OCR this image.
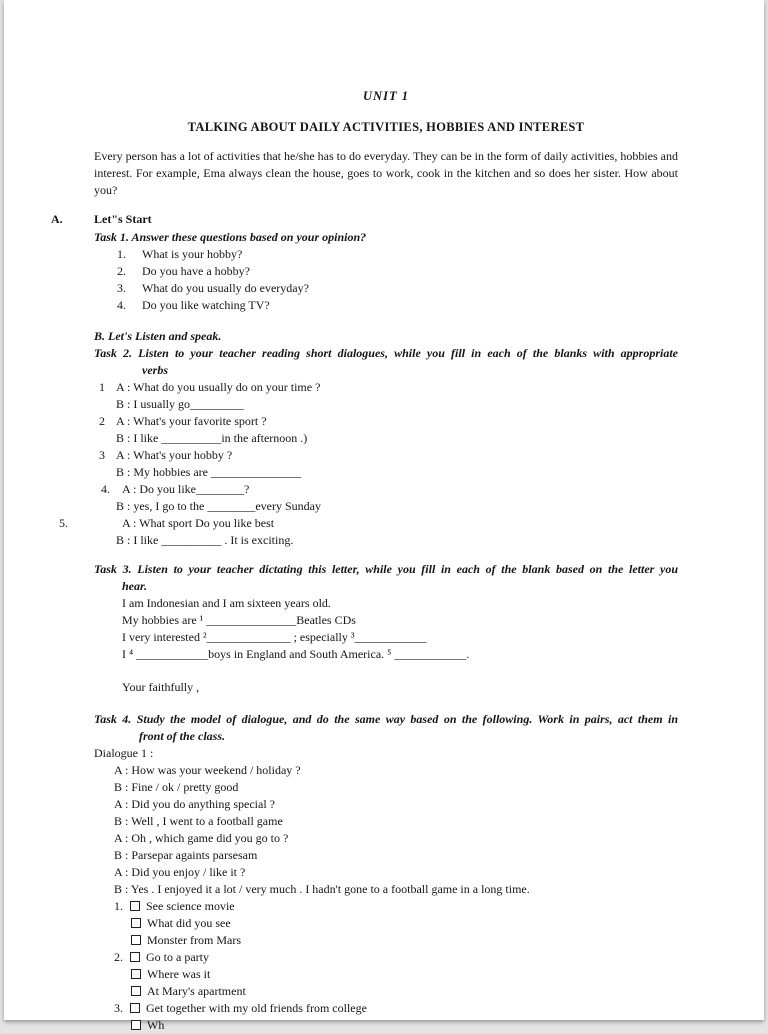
UNIT 1
TALKING ABOUT DAILY ACTIVITIES, HOBBIES AND INTEREST
Every person has a lot of activities that he/she has to do everyday. They can be in the form of daily activities, hobbies and interest. For example, Ema always clean the house, goes to work, cook in the kitchen and so does her sister. How about you?
A.	Let"s Start
Task 1. Answer these questions based on your opinion?
1. What is your hobby?
2. Do you have a hobby?
3. What do you usually do everyday?
4. Do you like watching TV?
B. Let's Listen and speak.
Task 2. Listen to your teacher reading short dialogues, while you fill in each of the blanks with appropriate
verbs
1 A : What do you usually do on your time ?
B : I usually go_________
2 A : What's your favorite sport ?
B : I like __________in the afternoon .)
3 A : What's your hobby ?
B : My hobbies are _______________
4. A : Do you like________?
B : yes, I go to the ________every Sunday
5.	A : What sport Do you like best
B : I like __________ . It is exciting.
Task 3. Listen to your teacher dictating this letter, while you fill in each of the blank based on the letter you
hear.
I am Indonesian and I am sixteen years old.
My hobbies are ¹ _______________Beatles CDs
I very interested ²______________ ; especially ³____________
I ⁴ ____________boys in England and South America. ⁵ ____________.
Your faithfully ,
Task 4. Study the model of dialogue, and do the same way based on the following. Work in pairs, act them in
front of the class.
Dialogue 1 :
A : How was your weekend / holiday ?
B : Fine / ok / pretty good
A : Did you do anything special ?
B : Well , I went to a football game
A : Oh , which game did you go to ?
B : Parsepar againts parsesam
A : Did you enjoy / like it ?
B : Yes . I enjoyed it a lot / very much . I hadn't gone to a football game in a long time.
1. See science movie
What did you see
Monster from Mars
2. Go to a party
Where was it
At Mary's apartment
3. Get together with my old friends from college
Wh
